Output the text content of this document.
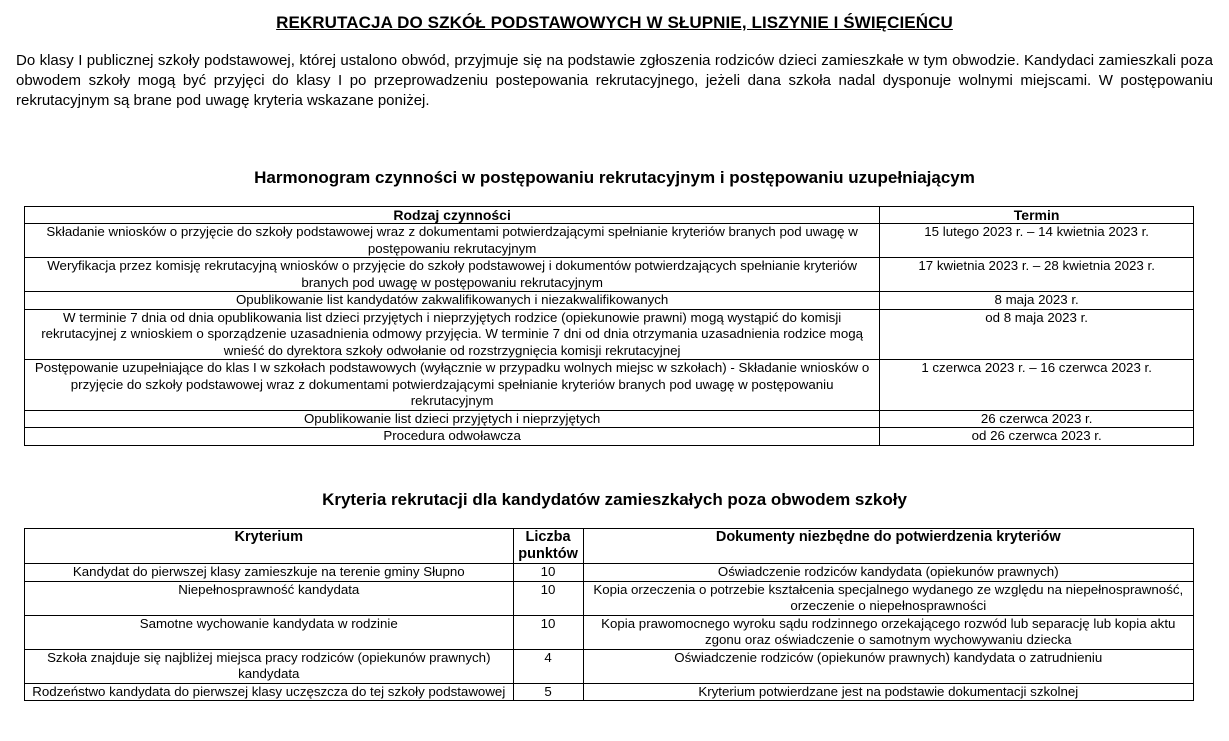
REKRUTACJA DO SZKÓŁ PODSTAWOWYCH W SŁUPNIE, LISZYNIE I ŚWIĘCIEŃCU
Do klasy I publicznej szkoły podstawowej, której ustalono obwód, przyjmuje się na podstawie zgłoszenia rodziców dzieci zamieszkałe w tym obwodzie. Kandydaci zamieszkali poza obwodem szkoły mogą być przyjęci do klasy I po przeprowadzeniu postepowania rekrutacyjnego, jeżeli dana szkoła nadal dysponuje wolnymi miejscami. W postępowaniu rekrutacyjnym są brane pod uwagę kryteria wskazane poniżej.
Harmonogram czynności w postępowaniu rekrutacyjnym i postępowaniu uzupełniającym
Rodzaj czynności	Termin
Składanie wniosków o przyjęcie do szkoły podstawowej wraz z dokumentami potwierdzającymi spełnianie kryteriów branych pod uwagę w postępowaniu rekrutacyjnym	15 lutego 2023 r. – 14 kwietnia 2023 r.
Weryfikacja przez komisję rekrutacyjną wniosków o przyjęcie do szkoły podstawowej i dokumentów potwierdzających spełnianie kryteriów branych pod uwagę w postępowaniu rekrutacyjnym	17 kwietnia 2023 r. – 28 kwietnia 2023 r.
Opublikowanie list kandydatów zakwalifikowanych i niezakwalifikowanych	8 maja 2023 r.
W terminie 7 dnia od dnia opublikowania list dzieci przyjętych i nieprzyjętych rodzice (opiekunowie prawni) mogą wystąpić do komisji rekrutacyjnej z wnioskiem o sporządzenie uzasadnienia odmowy przyjęcia. W terminie 7 dni od dnia otrzymania uzasadnienia rodzice mogą wnieść do dyrektora szkoły odwołanie od rozstrzygnięcia komisji rekrutacyjnej	od 8 maja 2023 r.
Postępowanie uzupełniające do klas I w szkołach podstawowych (wyłącznie w przypadku wolnych miejsc w szkołach) - Składanie wniosków o przyjęcie do szkoły podstawowej wraz z dokumentami potwierdzającymi spełnianie kryteriów branych pod uwagę w postępowaniu rekrutacyjnym	1 czerwca 2023 r. – 16 czerwca 2023 r.
Opublikowanie list dzieci przyjętych i nieprzyjętych	26 czerwca 2023 r.
Procedura odwoławcza	od 26 czerwca 2023 r.
Kryteria rekrutacji dla kandydatów zamieszkałych poza obwodem szkoły
Kryterium	Liczba punktów	Dokumenty niezbędne do potwierdzenia kryteriów
Kandydat do pierwszej klasy zamieszkuje na terenie gminy Słupno	10	Oświadczenie rodziców kandydata (opiekunów prawnych)
Niepełnosprawność kandydata	10	Kopia orzeczenia o potrzebie kształcenia specjalnego wydanego ze względu na niepełnosprawność, orzeczenie o niepełnosprawności
Samotne wychowanie kandydata w rodzinie	10	Kopia prawomocnego wyroku sądu rodzinnego orzekającego rozwód lub separację lub kopia aktu zgonu oraz oświadczenie o samotnym wychowywaniu dziecka
Szkoła znajduje się najbliżej miejsca pracy rodziców (opiekunów prawnych) kandydata	4	Oświadczenie rodziców (opiekunów prawnych) kandydata o zatrudnieniu
Rodzeństwo kandydata do pierwszej klasy uczęszcza do tej szkoły podstawowej	5	Kryterium potwierdzane jest na podstawie dokumentacji szkolnej
